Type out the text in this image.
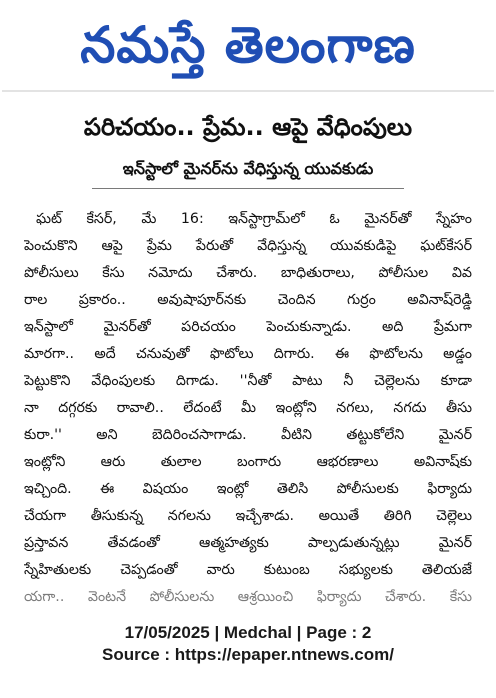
నమస్తే తెలంగాణ
పరిచయం.. ప్రేమ.. ఆపై వేధింపులు
ఇన్‌స్టాలో మైనర్‌ను వేధిస్తున్న యువకుడు
ఘట్ కేసర్, మే 16: ఇన్‌స్టాగ్రామ్‌లో ఓ మైనర్‌తో స్నేహం
పెంచుకొని ఆపై ప్రేమ పేరుతో వేధిస్తున్న యువకుడిపై ఘట్‌కేసర్
పోలీసులు కేసు నమోదు చేశారు. బాధితురాలు, పోలీసుల వివ
రాల ప్రకారం.. అవుషాపూర్‌నకు చెందిన గుర్రం అవినాష్‌రెడ్డి
ఇన్‌స్టాలో మైనర్‌తో పరిచయం పెంచుకున్నాడు. అది ప్రేమగా
మారగా.. అదే చనువుతో ఫొటోలు దిగారు. ఈ ఫొటోలను అడ్డం
పెట్టుకొని వేధింపులకు దిగాడు. ''నీతో పాటు నీ చెల్లెలను కూడా
నా దగ్గరకు రావాలి.. లేదంటే మీ ఇంట్లోని నగలు, నగదు తీసు
కురా.'' అని బెదిరించసాగాడు. వీటిని తట్టుకోలేని మైనర్
ఇంట్లోని ఆరు తులాల బంగారు ఆభరణాలు అవినాష్‌కు
ఇచ్చింది. ఈ విషయం ఇంట్లో తెలిసి పోలీసులకు ఫిర్యాదు
చేయగా తీసుకున్న నగలను ఇచ్చేశాడు. అయితే తిరిగి చెల్లెలు
ప్రస్తావన తేవడంతో ఆత్మహత్యకు పాల్పడుతున్నట్లు మైనర్
స్నేహితులకు చెప్పడంతో వారు కుటుంబ సభ్యులకు తెలియజే
యగా.. వెంటనే పోలీసులను ఆశ్రయించి ఫిర్యాదు చేశారు. కేసు
17/05/2025 | Medchal | Page : 2
Source : https://epaper.ntnews.com/
